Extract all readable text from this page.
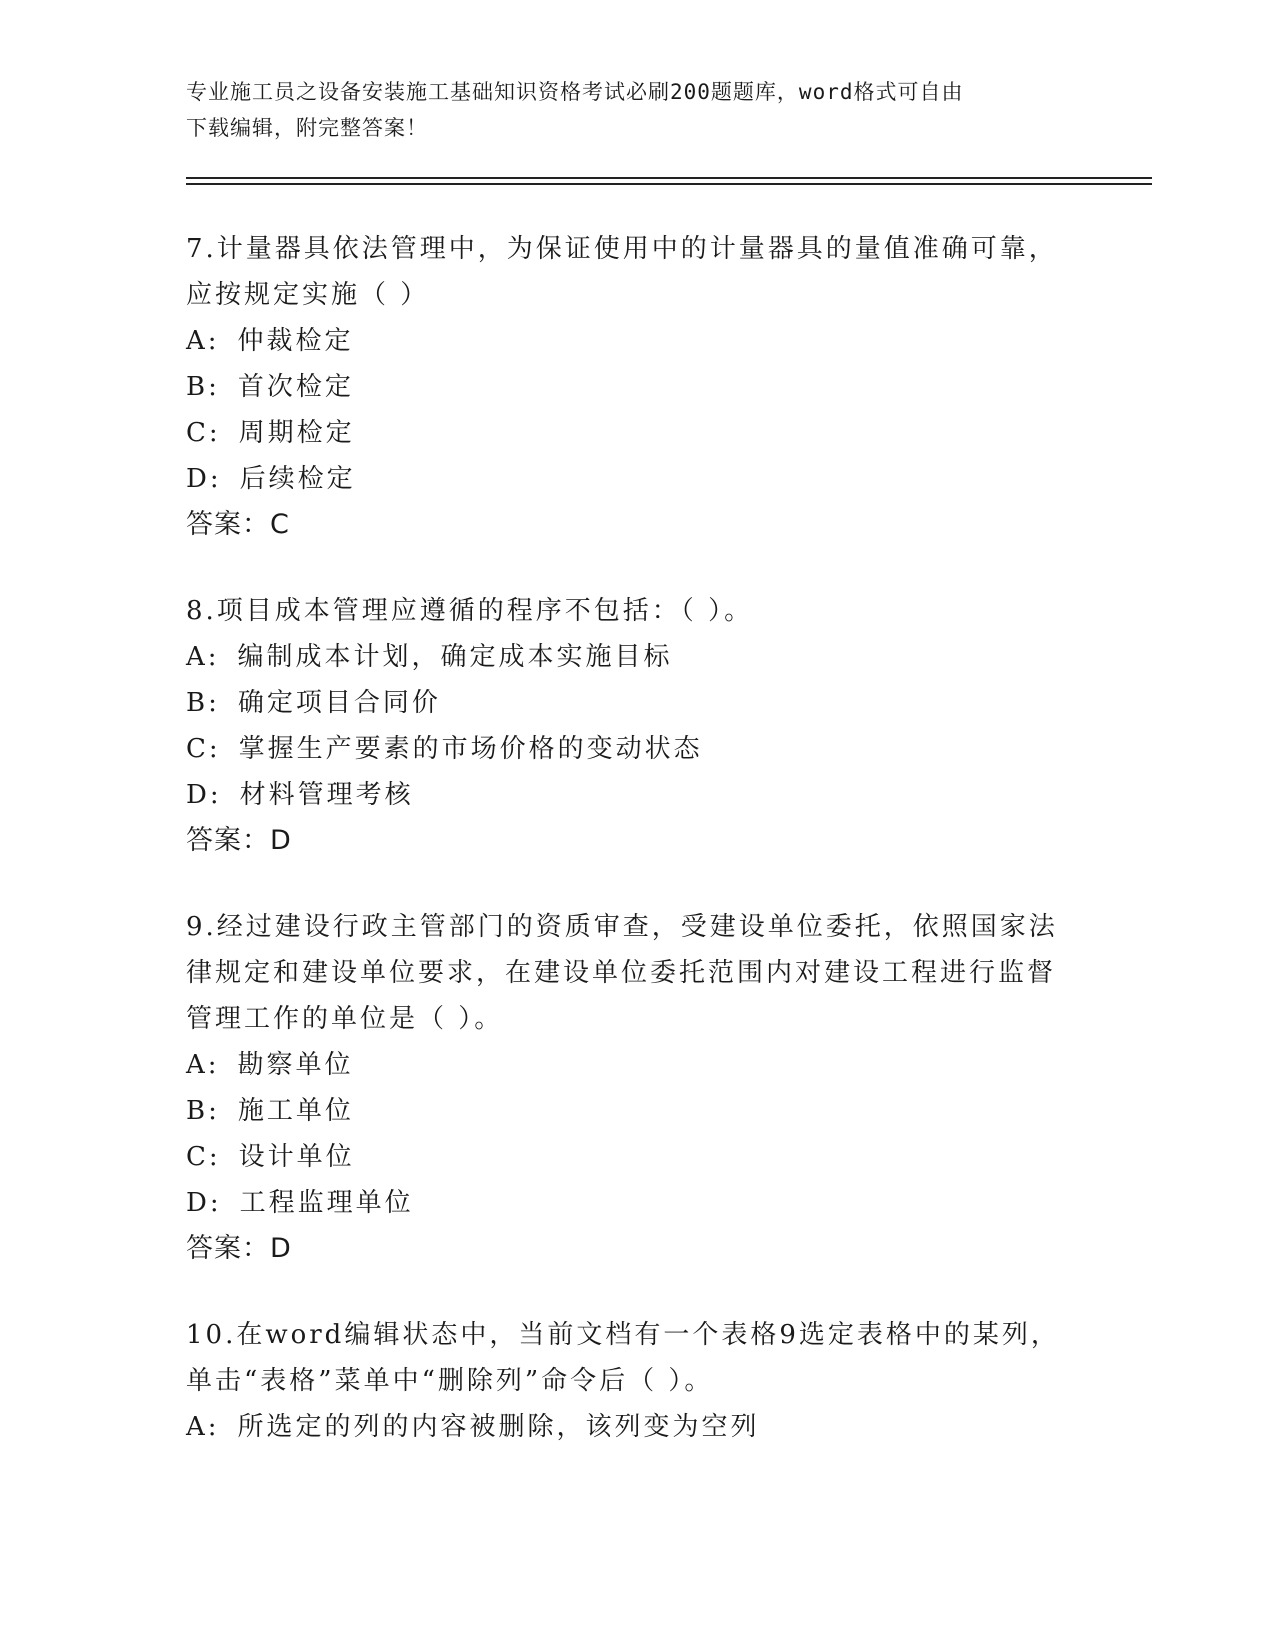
专业施工员之设备安装施工基础知识资格考试必刷200题题库，word格式可自由
下载编辑，附完整答案！
7.计量器具依法管理中，为保证使用中的计量器具的量值准确可靠，
应按规定实施（ ）
A: 仲裁检定
B: 首次检定
C: 周期检定
D: 后续检定
答案：C
8.项目成本管理应遵循的程序不包括：（ ）。
A: 编制成本计划，确定成本实施目标
B: 确定项目合同价
C: 掌握生产要素的市场价格的变动状态
D: 材料管理考核
答案：D
9.经过建设行政主管部门的资质审查，受建设单位委托，依照国家法
律规定和建设单位要求，在建设单位委托范围内对建设工程进行监督
管理工作的单位是（ ）。
A: 勘察单位
B: 施工单位
C: 设计单位
D: 工程监理单位
答案：D
10.在word编辑状态中，当前文档有一个表格9选定表格中的某列，
单击“表格”菜单中“删除列”命令后（ ）。
A: 所选定的列的内容被删除，该列变为空列
